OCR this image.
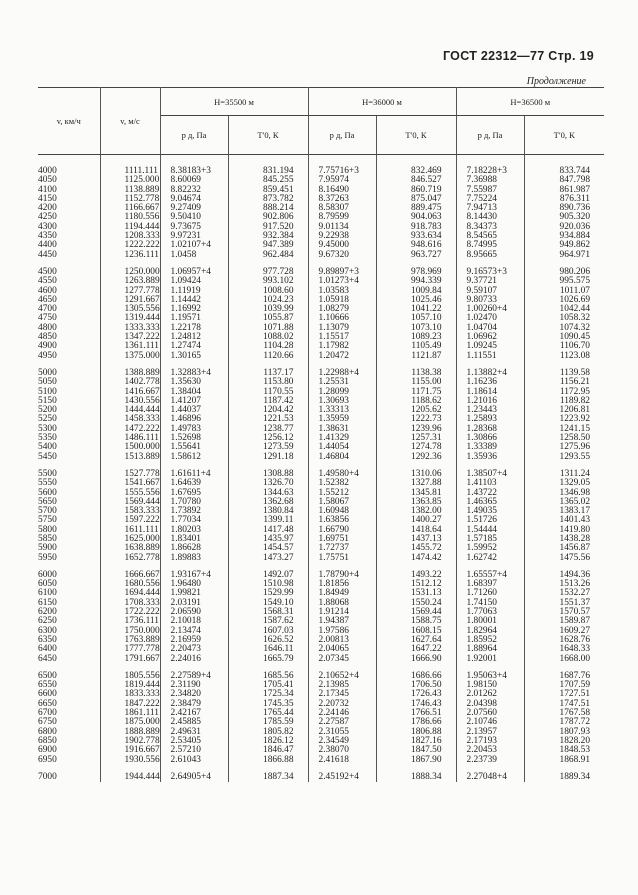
ГОСТ 22312—77 Стр. 19
Продолжение
v, км/ч	v, м/с	H=35500 м		H=36000 м		H=36500 м	
		p д, Па	T′0, К	p д, Па	T′0, К	p д, Па	T′0, К
4000	1111.111	8.38183+3	831.194	7.75716+3	832.469	7.18228+3	833.744
4050	1125.000	8.60069	845.255	7.95974	846.527	7.36988	847.798
4100	1138.889	8.82232	859.451	8.16490	860.719	7.55987	861.987
4150	1152.778	9.04674	873.782	8.37263	875.047	7.75224	876.311
4200	1166.667	9.27409	888.214	8.58307	889.475	7.94713	890.736
4250	1180.556	9.50410	902.806	8.79599	904.063	8.14430	905.320
4300	1194.444	9.73675	917.520	9.01134	918.783	8.34373	920.036
4350	1208.333	9.97231	932.384	9.22938	933.634	8.54565	934.884
4400	1222.222	1.02107+4	947.389	9.45000	948.616	8.74995	949.862
4450	1236.111	1.0458	962.484	9.67320	963.727	8.95665	964.971
4500	1250.000	1.06957+4	977.728	9.89897+3	978.969	9.16573+3	980.206
4550	1263.889	1.09424	993.102	1.01273+4	994.339	9.37721	995.575
4600	1277.778	1.11919	1008.60	1.03583	1009.84	9.59107	1011.07
4650	1291.667	1.14442	1024.23	1.05918	1025.46	9.80733	1026.69
4700	1305.556	1.16992	1039.99	1.08279	1041.22	1.00260+4	1042.44
4750	1319.444	1.19571	1055.87	1.10666	1057.10	1.02470	1058.32
4800	1333.333	1.22178	1071.88	1.13079	1073.10	1.04704	1074.32
4850	1347.222	1.24812	1088.02	1.15517	1089.23	1.06962	1090.45
4900	1361.111	1.27474	1104.28	1.17982	1105.49	1.09245	1106.70
4950	1375.000	1.30165	1120.66	1.20472	1121.87	1.11551	1123.08
5000	1388.889	1.32883+4	1137.17	1.22988+4	1138.38	1.13882+4	1139.58
5050	1402.778	1.35630	1153.80	1.25531	1155.00	1.16236	1156.21
5100	1416.667	1.38404	1170.55	1.28099	1171.75	1.18614	1172.95
5150	1430.556	1.41207	1187.42	1.30693	1188.62	1.21016	1189.82
5200	1444.444	1.44037	1204.42	1.33313	1205.62	1.23443	1206.81
5250	1458.333	1.46896	1221.53	1.35959	1222.73	1.25893	1223.92
5300	1472.222	1.49783	1238.77	1.38631	1239.96	1.28368	1241.15
5350	1486.111	1.52698	1256.12	1.41329	1257.31	1.30866	1258.50
5400	1500.000	1.55641	1273.59	1.44054	1274.78	1.33389	1275.96
5450	1513.889	1.58612	1291.18	1.46804	1292.36	1.35936	1293.55
5500	1527.778	1.61611+4	1308.88	1.49580+4	1310.06	1.38507+4	1311.24
5550	1541.667	1.64639	1326.70	1.52382	1327.88	1.41103	1329.05
5600	1555.556	1.67695	1344.63	1.55212	1345.81	1.43722	1346.98
5650	1569.444	1.70780	1362.68	1.58067	1363.85	1.46365	1365.02
5700	1583.333	1.73892	1380.84	1.60948	1382.00	1.49035	1383.17
5750	1597.222	1.77034	1399.11	1.63856	1400.27	1.51726	1401.43
5800	1611.111	1.80203	1417.48	1.66790	1418.64	1.54444	1419.80
5850	1625.000	1.83401	1435.97	1.69751	1437.13	1.57185	1438.28
5900	1638.889	1.86628	1454.57	1.72737	1455.72	1.59952	1456.87
5950	1652.778	1.89883	1473.27	1.75751	1474.42	1.62742	1475.56
6000	1666.667	1.93167+4	1492.07	1.78790+4	1493.22	1.65557+4	1494.36
6050	1680.556	1.96480	1510.98	1.81856	1512.12	1.68397	1513.26
6100	1694.444	1.99821	1529.99	1.84949	1531.13	1.71260	1532.27
6150	1708.333	2.03191	1549.10	1.88068	1550.24	1.74150	1551.37
6200	1722.222	2.06590	1568.31	1.91214	1569.44	1.77063	1570.57
6250	1736.111	2.10018	1587.62	1.94387	1588.75	1.80001	1589.87
6300	1750.000	2.13474	1607.03	1.97586	1608.15	1.82964	1609.27
6350	1763.889	2.16959	1626.52	2.00813	1627.64	1.85952	1628.76
6400	1777.778	2.20473	1646.11	2.04065	1647.22	1.88964	1648.33
6450	1791.667	2.24016	1665.79	2.07345	1666.90	1.92001	1668.00
6500	1805.556	2.27589+4	1685.56	2.10652+4	1686.66	1.95063+4	1687.76
6550	1819.444	2.31190	1705.41	2.13985	1706.50	1.98150	1707.59
6600	1833.333	2.34820	1725.34	2.17345	1726.43	2.01262	1727.51
6650	1847.222	2.38479	1745.35	2.20732	1746.43	2.04398	1747.51
6700	1861.111	2.42167	1765.44	2.24146	1766.51	2.07560	1767.58
6750	1875.000	2.45885	1785.59	2.27587	1786.66	2.10746	1787.72
6800	1888.889	2.49631	1805.82	2.31055	1806.88	2.13957	1807.93
6850	1902.778	2.53405	1826.12	2.34549	1827.16	2.17193	1828.20
6900	1916.667	2.57210	1846.47	2.38070	1847.50	2.20453	1848.53
6950	1930.556	2.61043	1866.88	2.41618	1867.90	2.23739	1868.91
7000	1944.444	2.64905+4	1887.34	2.45192+4	1888.34	2.27048+4	1889.34
